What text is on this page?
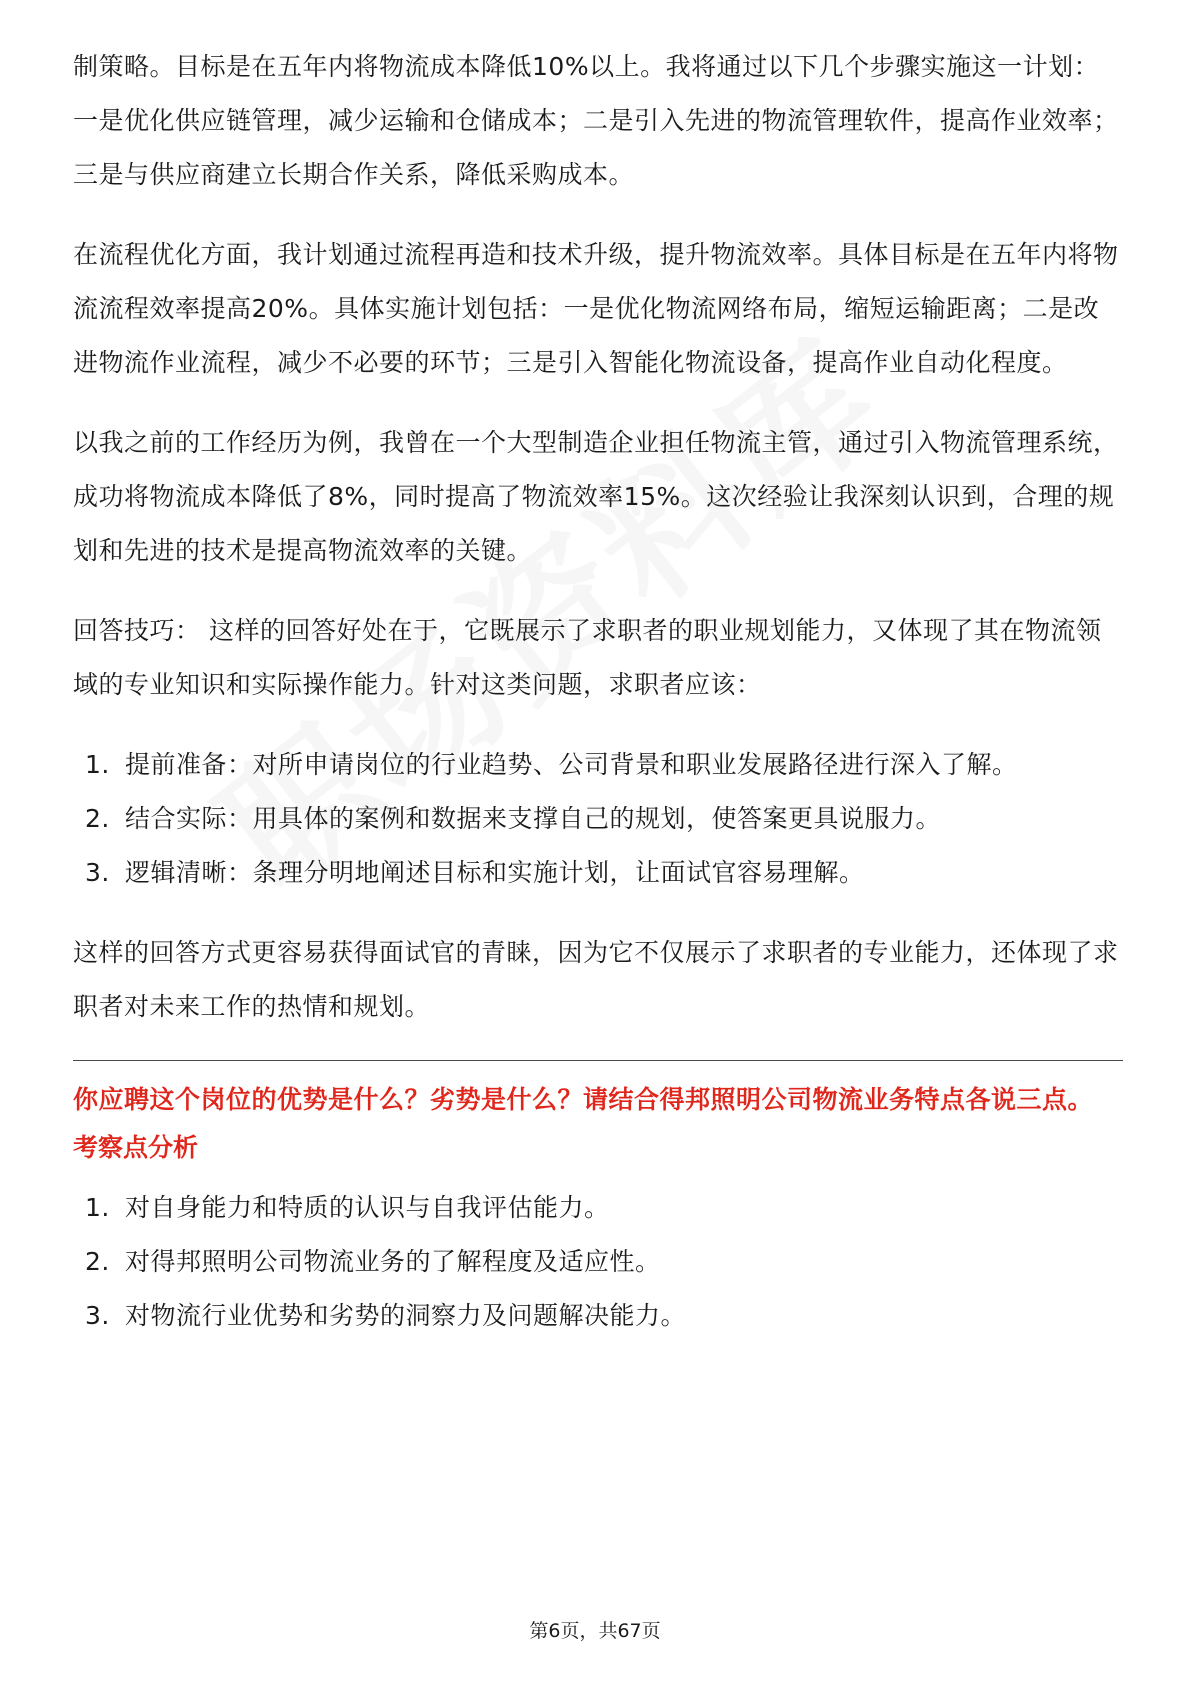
制策略。目标是在五年内将物流成本降低10%以上。我将通过以下几个步骤实施这一计划：一是优化供应链管理，减少运输和仓储成本；二是引入先进的物流管理软件，提高作业效率；三是与供应商建立长期合作关系，降低采购成本。

在流程优化方面，我计划通过流程再造和技术升级，提升物流效率。具体目标是在五年内将物流流程效率提高20%。具体实施计划包括：一是优化物流网络布局，缩短运输距离；二是改进物流作业流程，减少不必要的环节；三是引入智能化物流设备，提高作业自动化程度。

以我之前的工作经历为例，我曾在一个大型制造企业担任物流主管，通过引入物流管理系统，成功将物流成本降低了8%，同时提高了物流效率15%。这次经验让我深刻认识到，合理的规划和先进的技术是提高物流效率的关键。

回答技巧： 这样的回答好处在于，它既展示了求职者的职业规划能力，又体现了其在物流领域的专业知识和实际操作能力。针对这类问题，求职者应该：

1. 提前准备：对所申请岗位的行业趋势、公司背景和职业发展路径进行深入了解。
2. 结合实际：用具体的案例和数据来支撑自己的规划，使答案更具说服力。
3. 逻辑清晰：条理分明地阐述目标和实施计划，让面试官容易理解。

这样的回答方式更容易获得面试官的青睐，因为它不仅展示了求职者的专业能力，还体现了求职者对未来工作的热情和规划。

你应聘这个岗位的优势是什么？劣势是什么？请结合得邦照明公司物流业务特点各说三点。
考察点分析
1. 对自身能力和特质的认识与自我评估能力。
2. 对得邦照明公司物流业务的了解程度及适应性。
3. 对物流行业优势和劣势的洞察力及问题解决能力。
第6页，共67页
